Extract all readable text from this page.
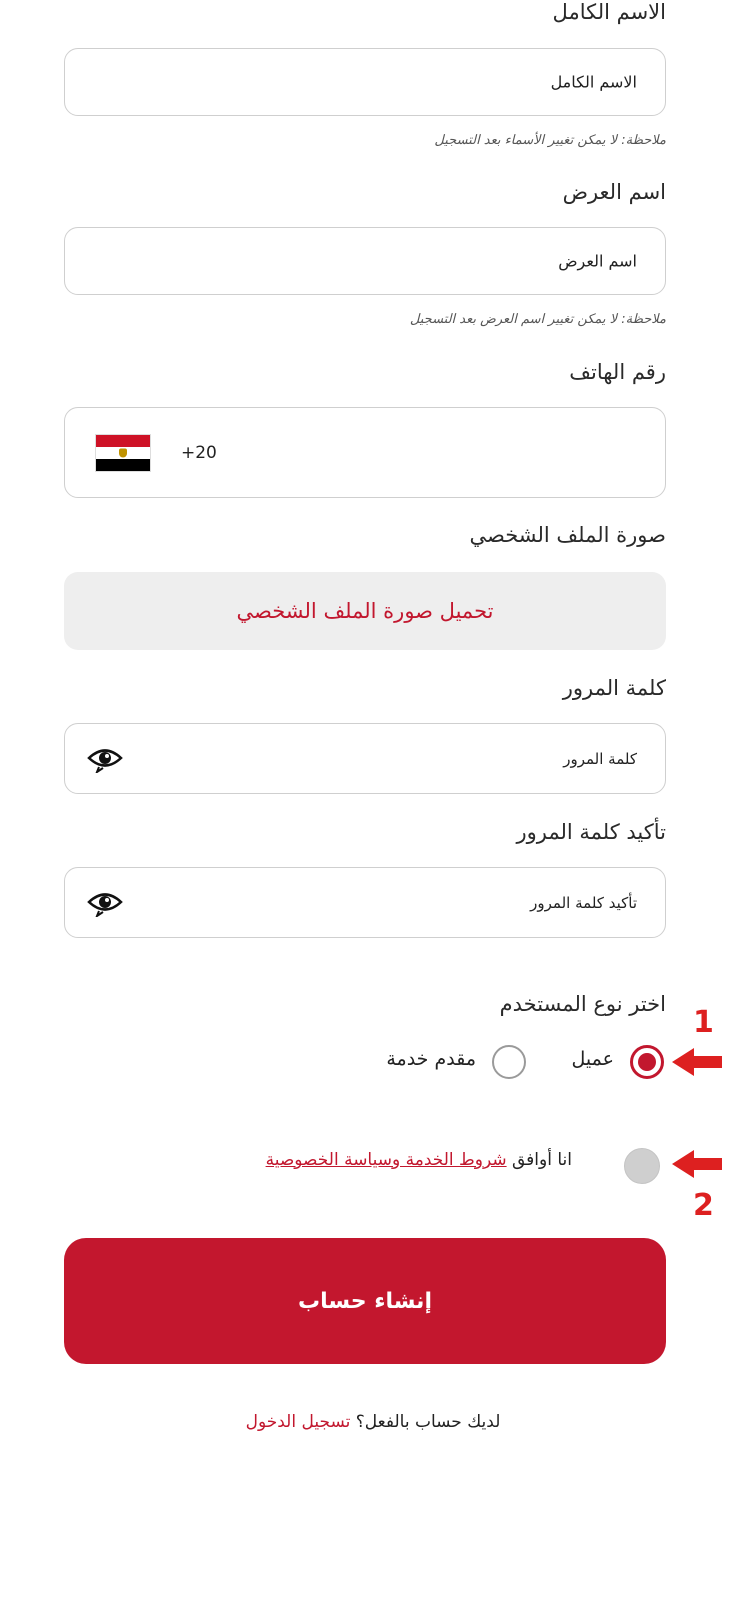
الاسم الكامل
الاسم الكامل
ملاحظة: لا يمكن تغيير الأسماء بعد التسجيل
اسم العرض
اسم العرض
ملاحظة: لا يمكن تغيير اسم العرض بعد التسجيل
رقم الهاتف
+20
صورة الملف الشخصي
تحميل صورة الملف الشخصي
كلمة المرور
كلمة المرور
تأكيد كلمة المرور
تأكيد كلمة المرور
اختر نوع المستخدم
عميل
مقدم خدمة
1
انا أوافق شروط الخدمة وسياسة الخصوصية
2
إنشاء حساب
لديك حساب بالفعل؟ تسجيل الدخول
